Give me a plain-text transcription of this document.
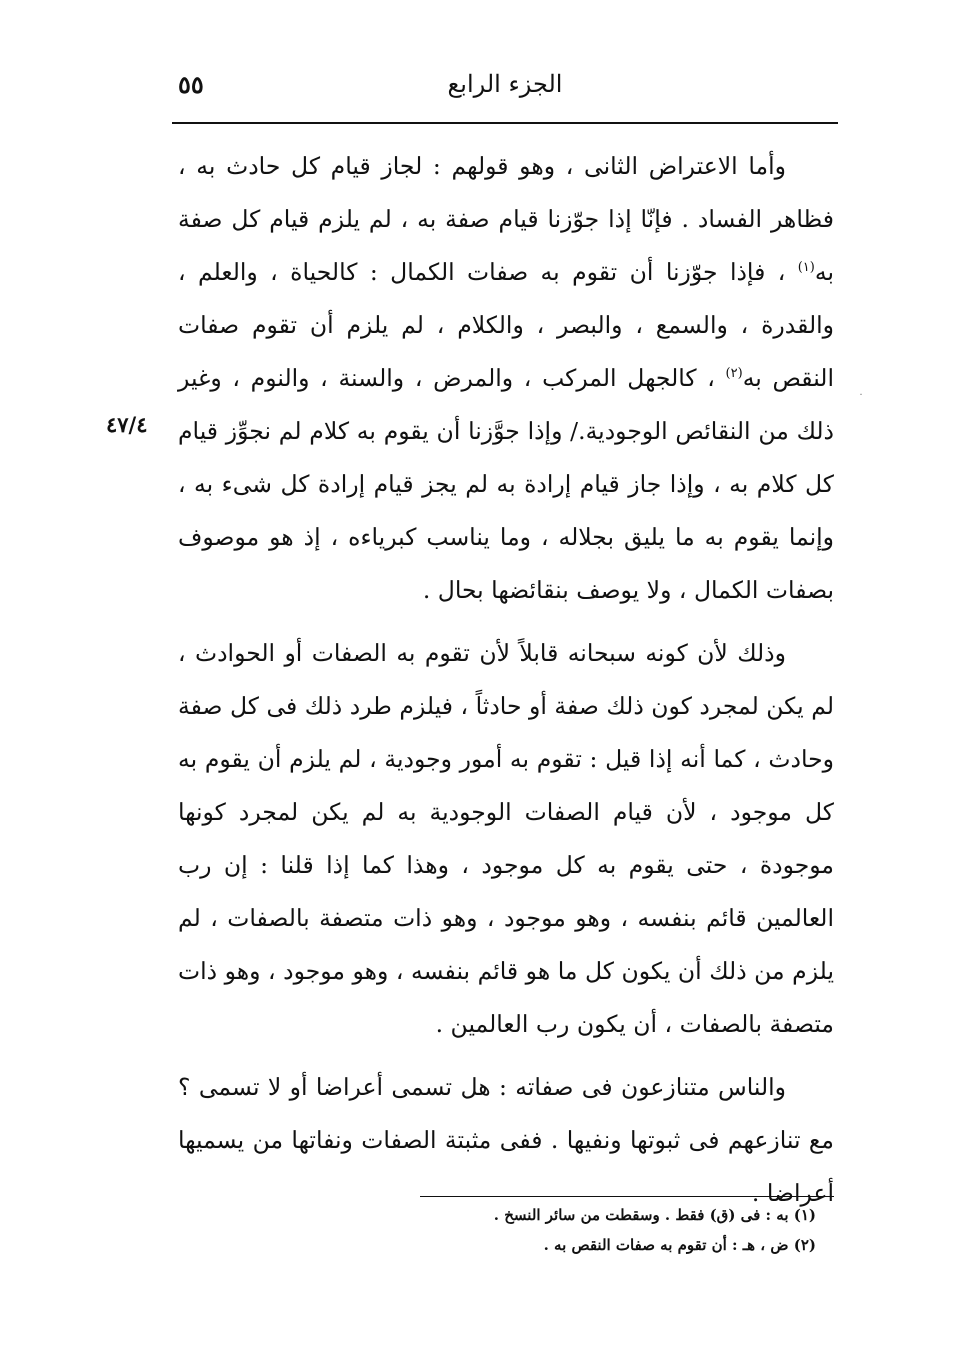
٥٥	الجزء الرابع
˙
٤٧/٤

وأما الاعتراض الثانى ، وهو قولهم : لجاز قيام كل حادث به ، فظاهر الفساد . فإنّا إذا جوّزنا قيام صفة به ، لم يلزم قيام كل صفة به$^{(١)}$ ، فإذا جوّزنا أن تقوم به صفات الكمال : كالحياة ، والعلم ، والقدرة ، والسمع ، والبصر ، والكلام ، لم يلزم أن تقوم صفات النقص به$^{(٢)}$ ، كالجهل المركب ، والمرض ، والسنة ، والنوم ، وغير ذلك من النقائص الوجودية./ وإذا جوَّزنا أن يقوم به كلام لم نجوِّز قيام كل كلام به ، وإذا جاز قيام إرادة به لم يجز قيام إرادة كل شىء به ، وإنما يقوم به ما يليق بجلاله ، وما يناسب كبرياءه ، إذ هو موصوف بصفات الكمال ، ولا يوصف بنقائضها بحال .

وذلك لأن كونه سبحانه قابلاً لأن تقوم به الصفات أو الحوادث ، لم يكن لمجرد كون ذلك صفة أو حادثاً ، فيلزم طرد ذلك فى كل صفة وحادث ، كما أنه إذا قيل : تقوم به أمور وجودية ، لم يلزم أن يقوم به كل موجود ، لأن قيام الصفات الوجودية به لم يكن لمجرد كونها موجودة ، حتى يقوم به كل موجود ، وهذا كما إذا قلنا : إن رب العالمين قائم بنفسه ، وهو موجود ، وهو ذات متصفة بالصفات ، لم يلزم من ذلك أن يكون كل ما هو قائم بنفسه ، وهو موجود ، وهو ذات متصفة بالصفات ، أن يكون رب العالمين .

والناس متنازعون فى صفاته : هل تسمى أعراضا أو لا تسمى ؟ مع تنازعهم فى ثبوتها ونفيها . ففى مثبتة الصفات ونفاتها من يسميها أعراضا .

(١) به : فى (ق) فقط . وسقطت من سائر النسخ .

(٢) ض ، هـ : أن تقوم به صفات النقص به .
